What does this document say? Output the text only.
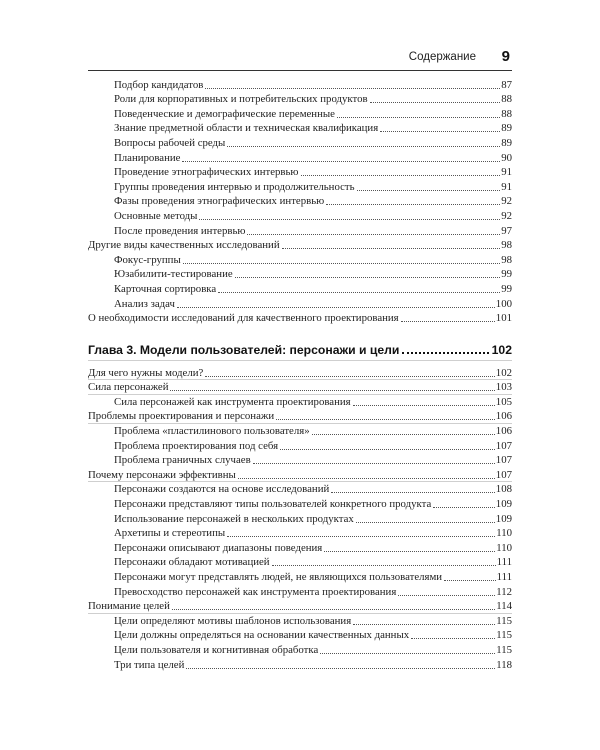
Содержание 9
Подбор кандидатов	87
Роли для корпоративных и потребительских продуктов	88
Поведенческие и демографические переменные	88
Знание предметной области и техническая квалификация	89
Вопросы рабочей среды	89
Планирование	90
Проведение этнографических интервью	91
Группы проведения интервью и продолжительность	91
Фазы проведения этнографических интервью	92
Основные методы	92
После проведения интервью	97
Другие виды качественных исследований	98
Фокус-группы	98
Юзабилити-тестирование	99
Карточная сортировка	99
Анализ задач	100
О необходимости исследований для качественного проектирования	101
Глава 3. Модели пользователей: персонажи и цели	102
Для чего нужны модели?	102
Сила персонажей	103
Сила персонажей как инструмента проектирования	105
Проблемы проектирования и персонажи	106
Проблема «пластилинового пользователя»	106
Проблема проектирования под себя	107
Проблема граничных случаев	107
Почему персонажи эффективны	107
Персонажи создаются на основе исследований	108
Персонажи представляют типы пользователей конкретного продукта	109
Использование персонажей в нескольких продуктах	109
Архетипы и стереотипы	110
Персонажи описывают диапазоны поведения	110
Персонажи обладают мотивацией	111
Персонажи могут представлять людей, не являющихся пользователями	111
Превосходство персонажей как инструмента проектирования	112
Понимание целей	114
Цели определяют мотивы шаблонов использования	115
Цели должны определяться на основании качественных данных	115
Цели пользователя и когнитивная обработка	115
Три типа целей	118
